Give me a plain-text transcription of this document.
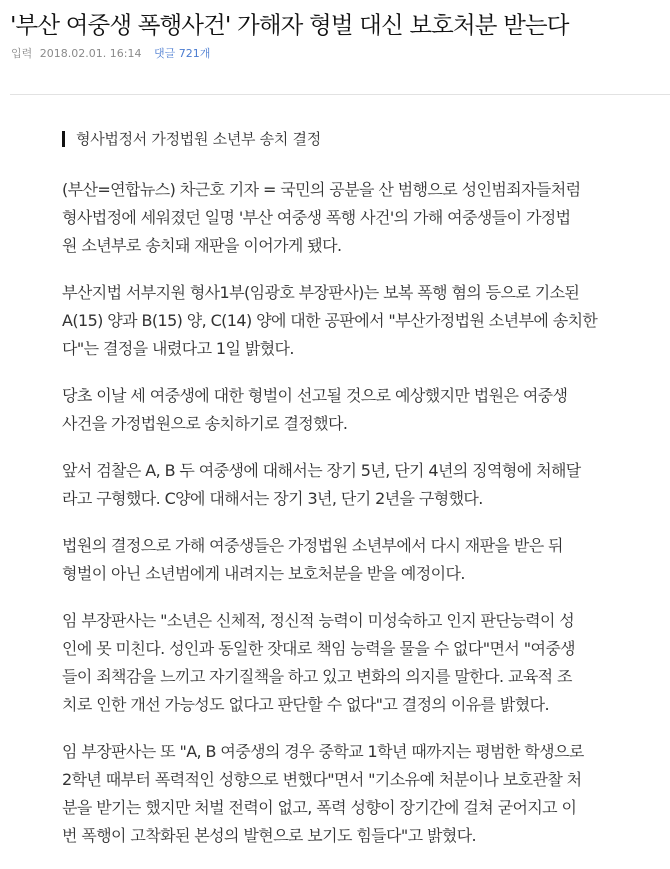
'부산 여중생 폭행사건' 가해자 형벌 대신 보호처분 받는다
입력 2018.02.01. 16:14 댓글 721개
형사법정서 가정법원 소년부 송치 결정

(부산=연합뉴스) 차근호 기자 = 국민의 공분을 산 범행으로 성인범죄자들처럼
형사법정에 세워졌던 일명 '부산 여중생 폭행 사건'의 가해 여중생들이 가정법
원 소년부로 송치돼 재판을 이어가게 됐다.

부산지법 서부지원 형사1부(임광호 부장판사)는 보복 폭행 혐의 등으로 기소된
A(15) 양과 B(15) 양, C(14) 양에 대한 공판에서 "부산가정법원 소년부에 송치한
다"는 결정을 내렸다고 1일 밝혔다.

당초 이날 세 여중생에 대한 형벌이 선고될 것으로 예상했지만 법원은 여중생
사건을 가정법원으로 송치하기로 결정했다.

앞서 검찰은 A, B 두 여중생에 대해서는 장기 5년, 단기 4년의 징역형에 처해달
라고 구형했다. C양에 대해서는 장기 3년, 단기 2년을 구형했다.

법원의 결정으로 가해 여중생들은 가정법원 소년부에서 다시 재판을 받은 뒤
형벌이 아닌 소년범에게 내려지는 보호처분을 받을 예정이다.

임 부장판사는 "소년은 신체적, 정신적 능력이 미성숙하고 인지 판단능력이 성
인에 못 미친다. 성인과 동일한 잣대로 책임 능력을 물을 수 없다"면서 "여중생
들이 죄책감을 느끼고 자기질책을 하고 있고 변화의 의지를 말한다. 교육적 조
치로 인한 개선 가능성도 없다고 판단할 수 없다"고 결정의 이유를 밝혔다.

임 부장판사는 또 "A, B 여중생의 경우 중학교 1학년 때까지는 평범한 학생으로
2학년 때부터 폭력적인 성향으로 변했다"면서 "기소유예 처분이나 보호관찰 처
분을 받기는 했지만 처벌 전력이 없고, 폭력 성향이 장기간에 걸쳐 굳어지고 이
번 폭행이 고착화된 본성의 발현으로 보기도 힘들다"고 밝혔다.
